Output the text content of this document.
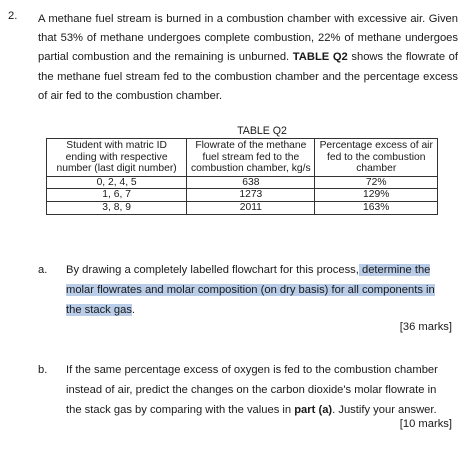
2. A methane fuel stream is burned in a combustion chamber with excessive air. Given that 53% of methane undergoes complete combustion, 22% of methane undergoes partial combustion and the remaining is unburned. TABLE Q2 shows the flowrate of the methane fuel stream fed to the combustion chamber and the percentage excess of air fed to the combustion chamber.
TABLE Q2
Student with matric ID ending with respective number (last digit number)	Flowrate of the methane fuel stream fed to the combustion chamber, kg/s	Percentage excess of air fed to the combustion chamber
0, 2, 4, 5	638	72%
1, 6, 7	1273	129%
3, 8, 9	2011	163%
a. By drawing a completely labelled flowchart for this process, determine the molar flowrates and molar composition (on dry basis) for all components in the stack gas.
[36 marks]
b. If the same percentage excess of oxygen is fed to the combustion chamber instead of air, predict the changes on the carbon dioxide's molar flowrate in the stack gas by comparing with the values in part (a). Justify your answer.
[10 marks]
